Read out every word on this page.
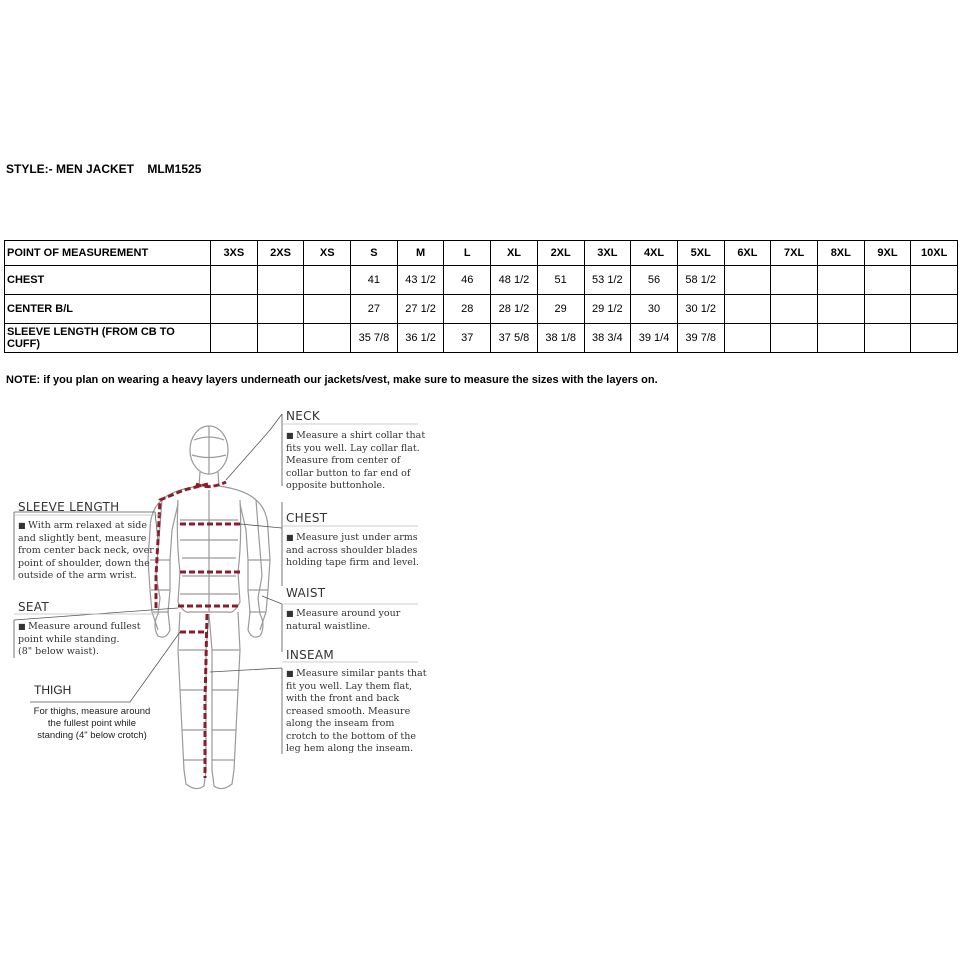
STYLE:- MEN JACKET MLM1525
POINT OF MEASUREMENT	3XS	2XS	XS	S	M	L	XL	2XL	3XL	4XL	5XL	6XL	7XL	8XL	9XL	10XL
CHEST				41	43 1/2	46	48 1/2	51	53 1/2	56	58 1/2					
CENTER B/L				27	27 1/2	28	28 1/2	29	29 1/2	30	30 1/2					
SLEEVE LENGTH (FROM CB TO CUFF)				35 7/8	36 1/2	37	37 5/8	38 1/8	38 3/4	39 1/4	39 7/8					
NOTE: if you plan on wearing a heavy layers underneath our jackets/vest, make sure to measure the sizes with the layers on.
NECK
■ Measure a shirt collar that
fits you well. Lay collar flat.
Measure from center of
collar button to far end of
opposite buttonhole.
CHEST
■ Measure just under arms
and across shoulder blades
holding tape firm and level.
WAIST
■ Measure around your
natural waistline.
INSEAM
■ Measure similar pants that
fit you well. Lay them flat,
with the front and back
creased smooth. Measure
along the inseam from
crotch to the bottom of the
leg hem along the inseam.
SLEEVE LENGTH
■ With arm relaxed at side
and slightly bent, measure
from center back neck, over
point of shoulder, down the
outside of the arm wrist.
SEAT
■ Measure around fullest
point while standing.
(8" below waist).
THIGH
For thighs, measure around
the fullest point while
standing (4" below crotch)
